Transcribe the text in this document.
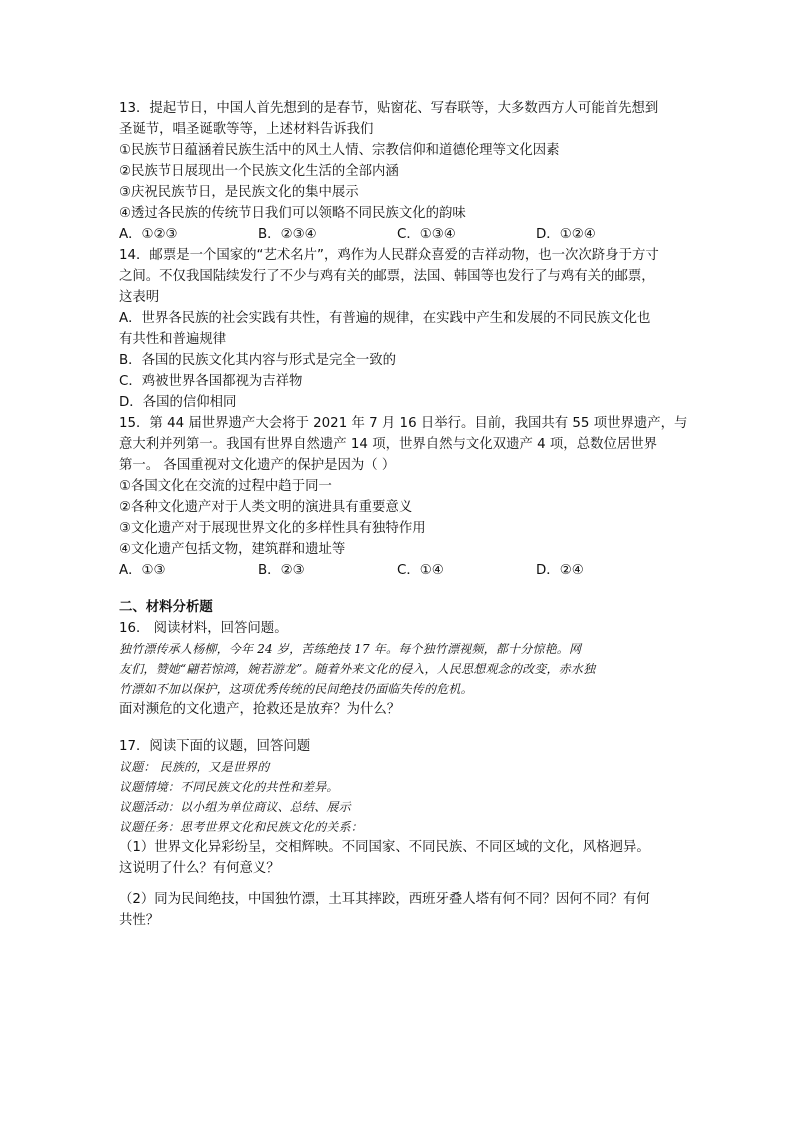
13．提起节日，中国人首先想到的是春节，贴窗花、写春联等，大多数西方人可能首先想到
圣诞节，唱圣诞歌等等，上述材料告诉我们
①民族节日蕴涵着民族生活中的风土人情、宗教信仰和道德伦理等文化因素
②民族节日展现出一个民族文化生活的全部内涵
③庆祝民族节日，是民族文化的集中展示
④透过各民族的传统节日我们可以领略不同民族文化的韵味
A．①②③	B．②③④	C．①③④	D．①②④
14．邮票是一个国家的“艺术名片”，鸡作为人民群众喜爱的吉祥动物，也一次次跻身于方寸
之间。不仅我国陆续发行了不少与鸡有关的邮票，法国、韩国等也发行了与鸡有关的邮票，
这表明
A．世界各民族的社会实践有共性，有普遍的规律，在实践中产生和发展的不同民族文化也
有共性和普遍规律
B．各国的民族文化其内容与形式是完全一致的
C．鸡被世界各国都视为吉祥物
D．各国的信仰相同
15．第 44 届世界遗产大会将于 2021 年 7 月 16 日举行。目前，我国共有 55 项世界遗产，与
意大利并列第一。我国有世界自然遗产 14 项，世界自然与文化双遗产 4 项，总数位居世界
第一。 各国重视对文化遗产的保护是因为（ ）
①各国文化在交流的过程中趋于同一
②各种文化遗产对于人类文明的演进具有重要意义
③文化遗产对于展现世界文化的多样性具有独特作用
④文化遗产包括文物，建筑群和遗址等
A．①③	B．②③	C．①④	D．②④
二、材料分析题
16． 阅读材料，回答问题。
独竹漂传承人杨柳，今年 24 岁，苦练绝技 17 年。每个独竹漂视频，都十分惊艳。网
友们，赞她“翩若惊鸿，婉若游龙”。随着外来文化的侵入，人民思想观念的改变，赤水独
竹漂如不加以保护，这项优秀传统的民间绝技仍面临失传的危机。
面对濒危的文化遗产，抢救还是放弃？为什么？
17．阅读下面的议题，回答问题
议题： 民族的，又是世界的
议题情境：不同民族文化的共性和差异。
议题活动：以小组为单位商议、总结、展示
议题任务：思考世界文化和民族文化的关系：
（1）世界文化异彩纷呈，交相辉映。不同国家、不同民族、不同区域的文化，风格迥异。
这说明了什么？有何意义？
（2）同为民间绝技，中国独竹漂，土耳其摔跤，西班牙叠人塔有何不同？因何不同？有何
共性？
